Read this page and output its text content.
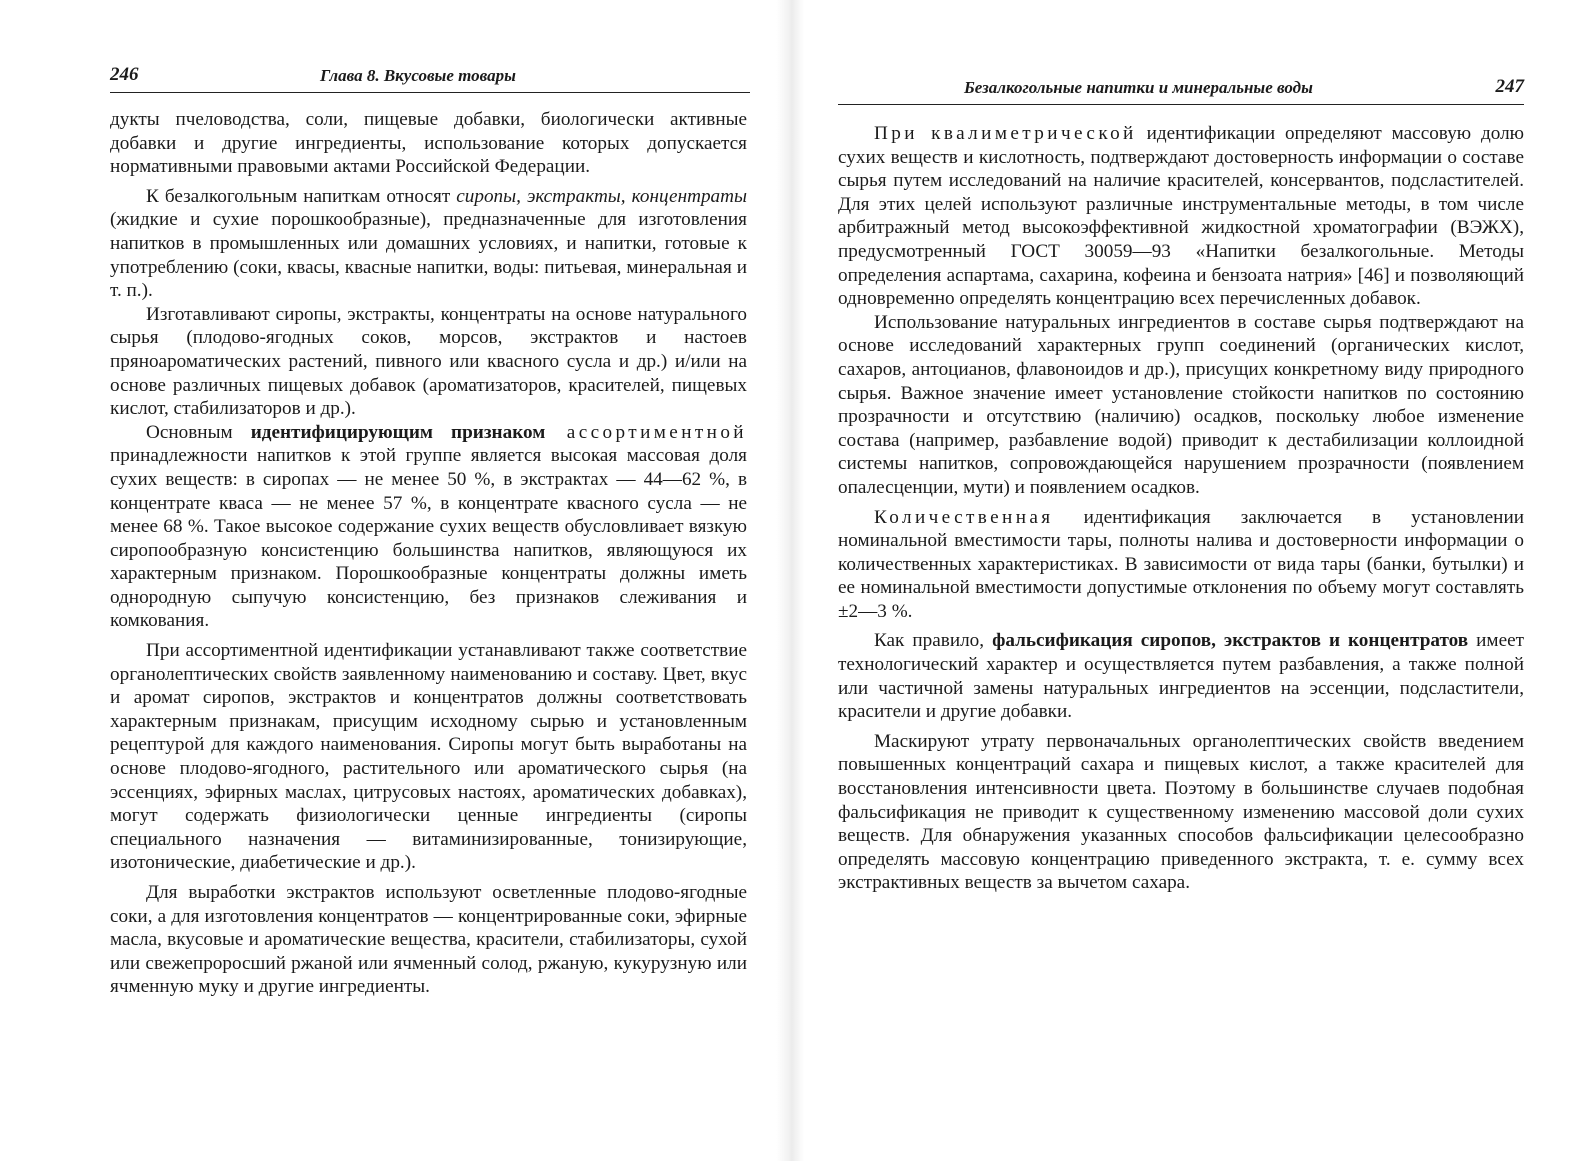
246	Глава 8. Вкусовые товары

дукты пчеловодства, соли, пищевые добавки, биологически активные добавки и другие ингредиенты, использование которых допускается нормативными правовыми актами Российской Федерации.

К безалкогольным напиткам относят сиропы, экстракты, концентраты (жидкие и сухие порошкообразные), предназначенные для изготовления напитков в промышленных или домашних условиях, и напитки, готовые к употреблению (соки, квасы, квасные напитки, воды: питьевая, минеральная и т. п.).

Изготавливают сиропы, экстракты, концентраты на основе натурального сырья (плодово-ягодных соков, морсов, экстрактов и настоев пряноароматических растений, пивного или квасного сусла и др.) и/или на основе различных пищевых добавок (ароматизаторов, красителей, пищевых кислот, стабилизаторов и др.).

Основным идентифицирующим признаком ассортиментной принадлежности напитков к этой группе является высокая массовая доля сухих веществ: в сиропах — не менее 50 %, в экстрактах — 44—62 %, в концентрате кваса — не менее 57 %, в концентрате квасного сусла — не менее 68 %. Такое высокое содержание сухих веществ обусловливает вязкую сиропообразную консистенцию большинства напитков, являющуюся их характерным признаком. Порошкообразные концентраты должны иметь однородную сыпучую консистенцию, без признаков слеживания и комкования.

При ассортиментной идентификации устанавливают также соответствие органолептических свойств заявленному наименованию и составу. Цвет, вкус и аромат сиропов, экстрактов и концентратов должны соответствовать характерным признакам, присущим исходному сырью и установленным рецептурой для каждого наименования. Сиропы могут быть выработаны на основе плодово-ягодного, растительного или ароматического сырья (на эссенциях, эфирных маслах, цитрусовых настоях, ароматических добавках), могут содержать физиологически ценные ингредиенты (сиропы специального назначения — витаминизированные, тонизирующие, изотонические, диабетические и др.).

Для выработки экстрактов используют осветленные плодово-ягодные соки, а для изготовления концентратов — концентрированные соки, эфирные масла, вкусовые и ароматические вещества, красители, стабилизаторы, сухой или свежепроросший ржаной или ячменный солод, ржаную, кукурузную или ячменную муку и другие ингредиенты.

Безалкогольные напитки и минеральные воды	247

При квалиметрической идентификации определяют массовую долю сухих веществ и кислотность, подтверждают достоверность информации о составе сырья путем исследований на наличие красителей, консервантов, подсластителей. Для этих целей используют различные инструментальные методы, в том числе арбитражный метод высокоэффективной жидкостной хроматографии (ВЭЖХ), предусмотренный ГОСТ 30059—93 «Напитки безалкогольные. Методы определения аспартама, сахарина, кофеина и бензоата натрия» [46] и позволяющий одновременно определять концентрацию всех перечисленных добавок.

Использование натуральных ингредиентов в составе сырья подтверждают на основе исследований характерных групп соединений (органических кислот, сахаров, антоцианов, флавоноидов и др.), присущих конкретному виду природного сырья. Важное значение имеет установление стойкости напитков по состоянию прозрачности и отсутствию (наличию) осадков, поскольку любое изменение состава (например, разбавление водой) приводит к дестабилизации коллоидной системы напитков, сопровождающейся нарушением прозрачности (появлением опалесценции, мути) и появлением осадков.

Количественная идентификация заключается в установлении номинальной вместимости тары, полноты налива и достоверности информации о количественных характеристиках. В зависимости от вида тары (банки, бутылки) и ее номинальной вместимости допустимые отклонения по объему могут составлять ±2—3 %.

Как правило, фальсификация сиропов, экстрактов и концентратов имеет технологический характер и осуществляется путем разбавления, а также полной или частичной замены натуральных ингредиентов на эссенции, подсластители, красители и другие добавки.

Маскируют утрату первоначальных органолептических свойств введением повышенных концентраций сахара и пищевых кислот, а также красителей для восстановления интенсивности цвета. Поэтому в большинстве случаев подобная фальсификация не приводит к существенному изменению массовой доли сухих веществ. Для обнаружения указанных способов фальсификации целесообразно определять массовую концентрацию приведенного экстракта, т. е. сумму всех экстрактивных веществ за вычетом сахара.
